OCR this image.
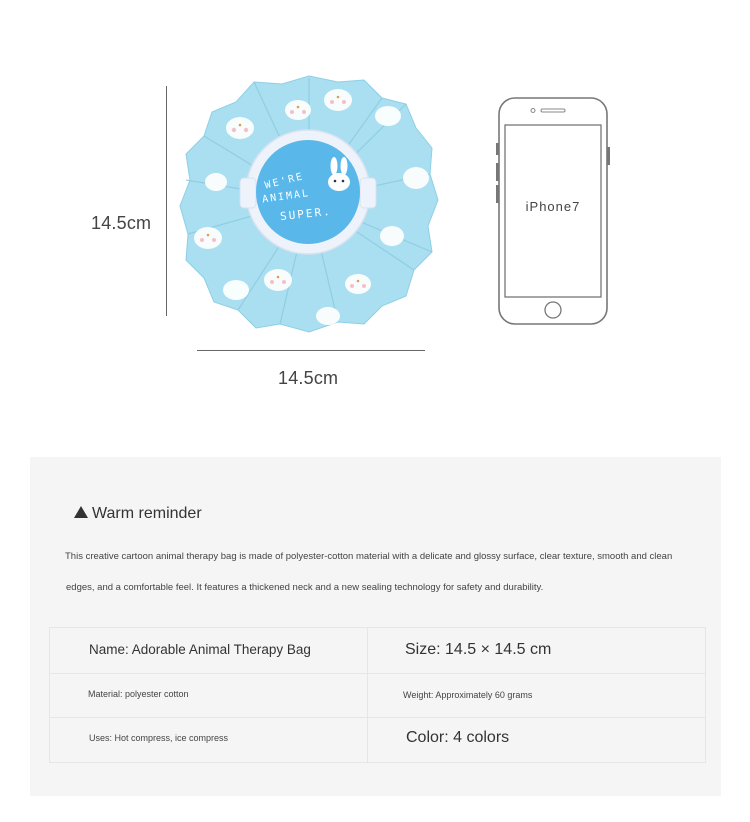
14.5cm
14.5cm
WE'RE
ANIMAL
SUPER.	iPhone7
Warm reminder
This creative cartoon animal therapy bag is made of polyester-cotton material with a delicate and glossy surface, clear texture, smooth and clean
edges, and a comfortable feel. It features a thickened neck and a new sealing technology for safety and durability.
Name: Adorable Animal Therapy Bag	Size: 14.5 × 14.5 cm
Material: polyester cotton	Weight: Approximately 60 grams
Uses: Hot compress, ice compress	Color: 4 colors
